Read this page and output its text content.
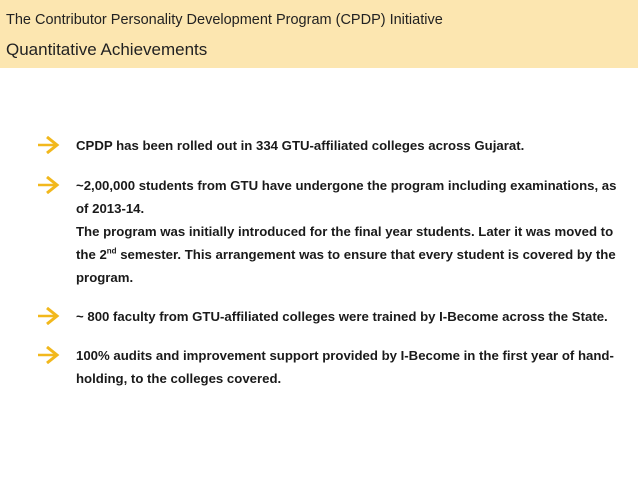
The Contributor Personality Development Program (CPDP) Initiative
Quantitative Achievements

CPDP has been rolled out in 334 GTU-affiliated colleges across Gujarat.

~2,00,000 students from GTU have undergone the program including examinations, as of 2013-14.

The program was initially introduced for the final year students. Later it was moved to the 2nd semester. This arrangement was to ensure that every student is covered by the program.

~ 800 faculty from GTU-affiliated colleges were trained by I-Become across the State.

100% audits and improvement support provided by I-Become in the first year of hand-holding, to the colleges covered.
